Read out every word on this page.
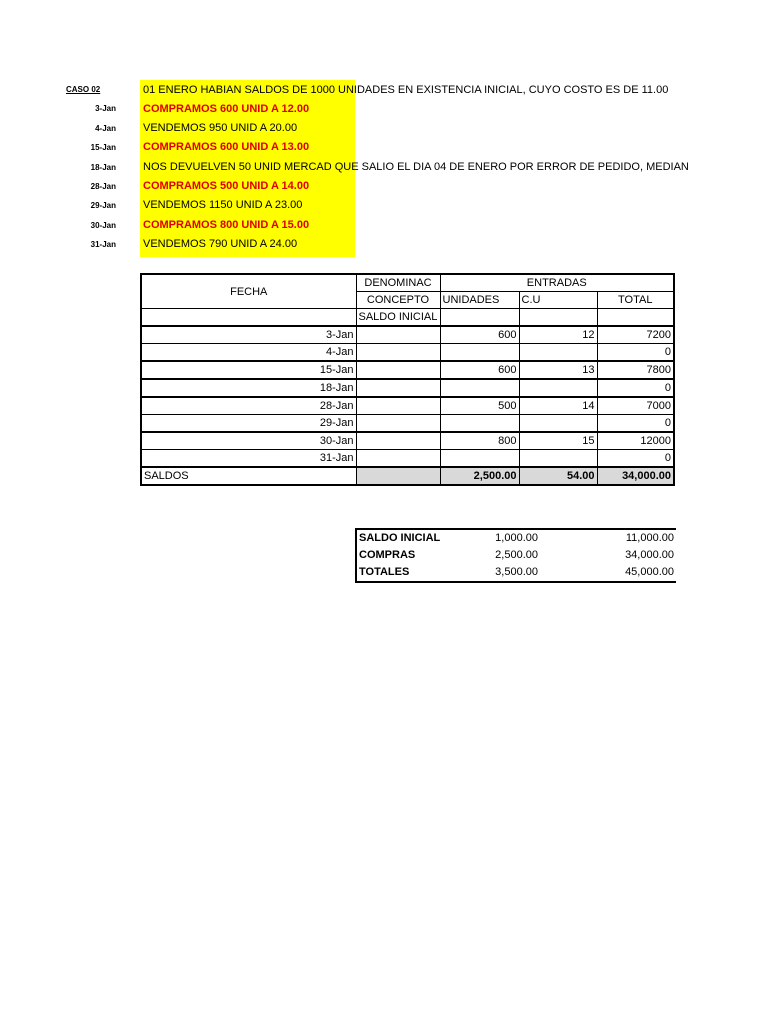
CASO 02	01 ENERO HABIAN SALDOS DE 1000 UNIDADES EN EXISTENCIA INICIAL, CUYO COSTO ES DE 11.00
3-Jan COMPRAMOS 600 UNID A 12.00
4-Jan VENDEMOS 950 UNID A 20.00
15-Jan COMPRAMOS 600 UNID A 13.00
18-Jan NOS DEVUELVEN 50 UNID MERCAD QUE SALIO EL DIA 04 DE ENERO POR ERROR DE PEDIDO, MEDIAN
28-Jan COMPRAMOS 500 UNID A 14.00
29-Jan VENDEMOS 1150 UNID A 23.00
30-Jan COMPRAMOS 800 UNID A 15.00
31-Jan VENDEMOS 790 UNID A 24.00
FECHA	DENOMINAC	ENTRADAS		
	CONCEPTO	UNIDADES	C.U	TOTAL
	SALDO INICIAL			
3-Jan		600	12	7200
4-Jan				0
15-Jan		600	13	7800
18-Jan				0
28-Jan		500	14	7000
29-Jan				0
30-Jan		800	15	12000
31-Jan				0
SALDOS		2,500.00	54.00	34,000.00
SALDO INICIAL	1,000.00	11,000.00
COMPRAS	2,500.00	34,000.00
TOTALES	3,500.00	45,000.00
